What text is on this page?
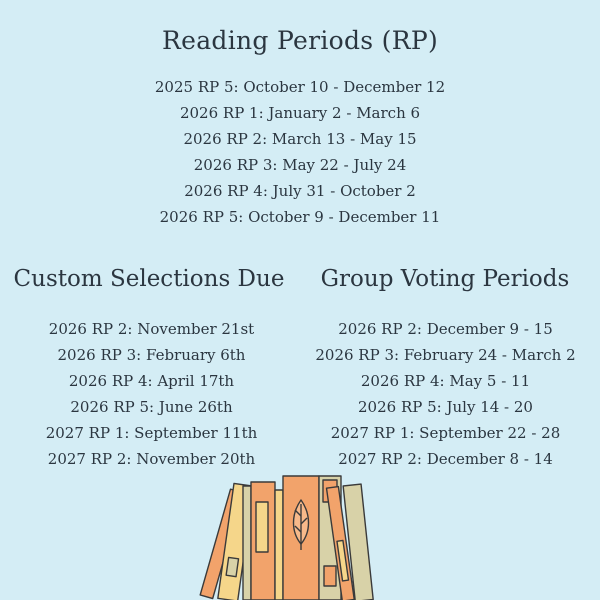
Reading Periods (RP)
2025 RP 5: October 10 - December 12
2026 RP 1: January 2 - March 6
2026 RP 2: March 13 - May 15
2026 RP 3: May 22 - July 24
2026 RP 4: July 31 - October 2
2026 RP 5: October 9 - December 11
Custom Selections Due	Group Voting Periods
2026 RP 2: November 21st
2026 RP 3: February 6th
2026 RP 4: April 17th
2026 RP 5: June 26th
2027 RP 1: September 11th
2027 RP 2: November 20th
2026 RP 2: December 9 - 15
2026 RP 3: February 24 - March 2
2026 RP 4: May 5 - 11
2026 RP 5: July 14 - 20
2027 RP 1: September 22 - 28
2027 RP 2: December 8 - 14
